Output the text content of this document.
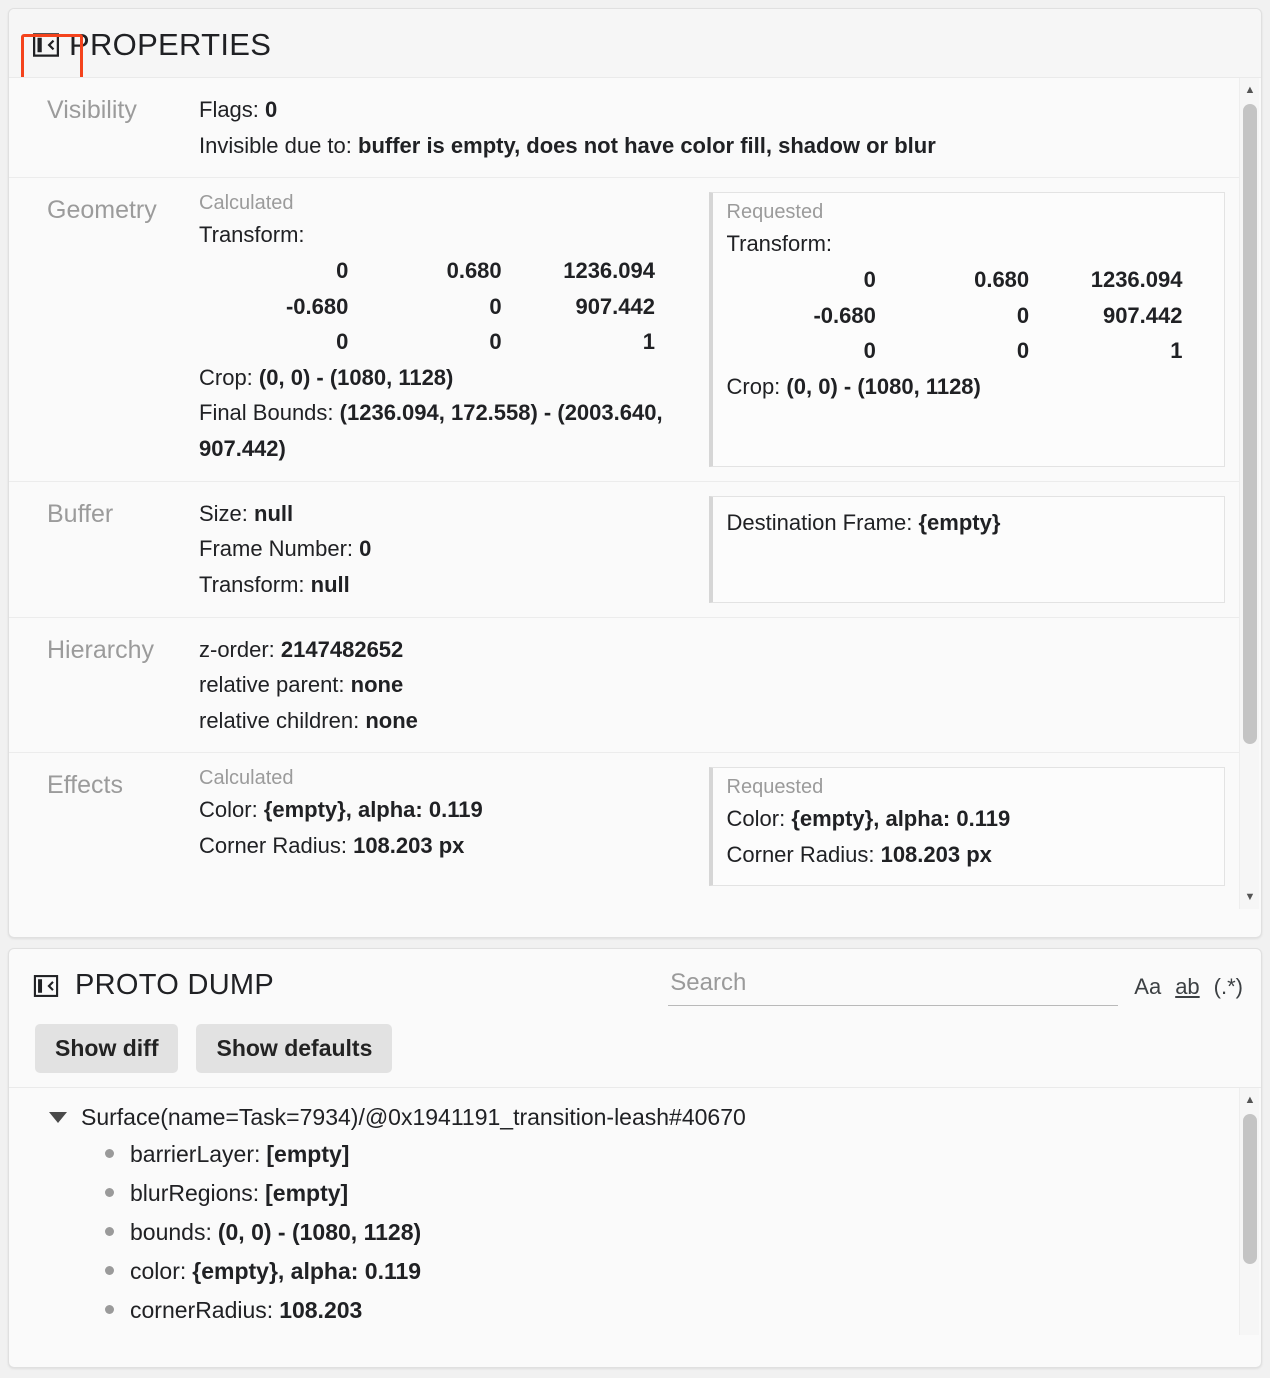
PROPERTIES
Visibility	Flags: 0
Invisible due to: buffer is empty, does not have color fill, shadow or blur
Geometry	Calculated
Transform:
0	0.680	1236.094
-0.680	0	907.442
0	0	1
Crop: (0, 0) - (1080, 1128)
Final Bounds: (1236.094, 172.558) - (2003.640, 907.442)
Requested
Transform:
0	0.680	1236.094
-0.680	0	907.442
0	0	1
Crop: (0, 0) - (1080, 1128)
Buffer	Size: null
Frame Number: 0
Transform: null
Destination Frame: {empty}
Hierarchy	z-order: 2147482652
relative parent: none
relative children: none
Effects	Calculated
Color: {empty}, alpha: 0.119
Corner Radius: 108.203 px
Requested
Color: {empty}, alpha: 0.119
Corner Radius: 108.203 px
▲
▼
PROTO DUMP
Search	Aa ab (.*)
Show diff	Show defaults
Surface(name=Task=7934)/@0x1941191_transition-leash#40670
barrierLayer: [empty]
blurRegions: [empty]
bounds: (0, 0) - (1080, 1128)
color: {empty}, alpha: 0.119
cornerRadius: 108.203
▲
